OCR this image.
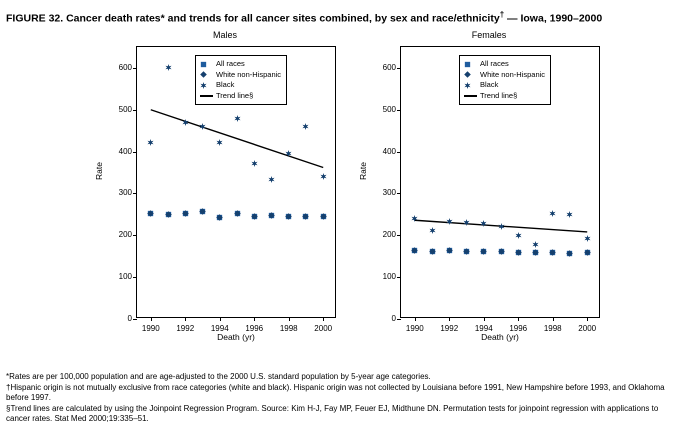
FIGURE 32. Cancer death rates* and trends for all cancer sites combined, by sex and race/ethnicity† — Iowa, 1990–2000
Males
Rate
Death (yr)
0
100
200
300
400
500
600
1990	1992	1994	1996	1998	2000
All races
White non-Hispanic
Black
Trend line§
Females
Rate
Death (yr)
0
100
200
300
400
500
600
1990	1992	1994	1996	1998	2000
All races
White non-Hispanic
Black
Trend line§

*Rates are per 100,000 population and are age-adjusted to the 2000 U.S. standard population by 5-year age categories.

†Hispanic origin is not mutually exclusive from race categories (white and black). Hispanic origin was not collected by Louisiana before 1991, New Hampshire before 1993, and Oklahoma before 1997.

§Trend lines are calculated by using the Joinpoint Regression Program. Source: Kim H-J, Fay MP, Feuer EJ, Midthune DN. Permutation tests for joinpoint regression with applications to cancer rates. Stat Med 2000;19:335–51.
